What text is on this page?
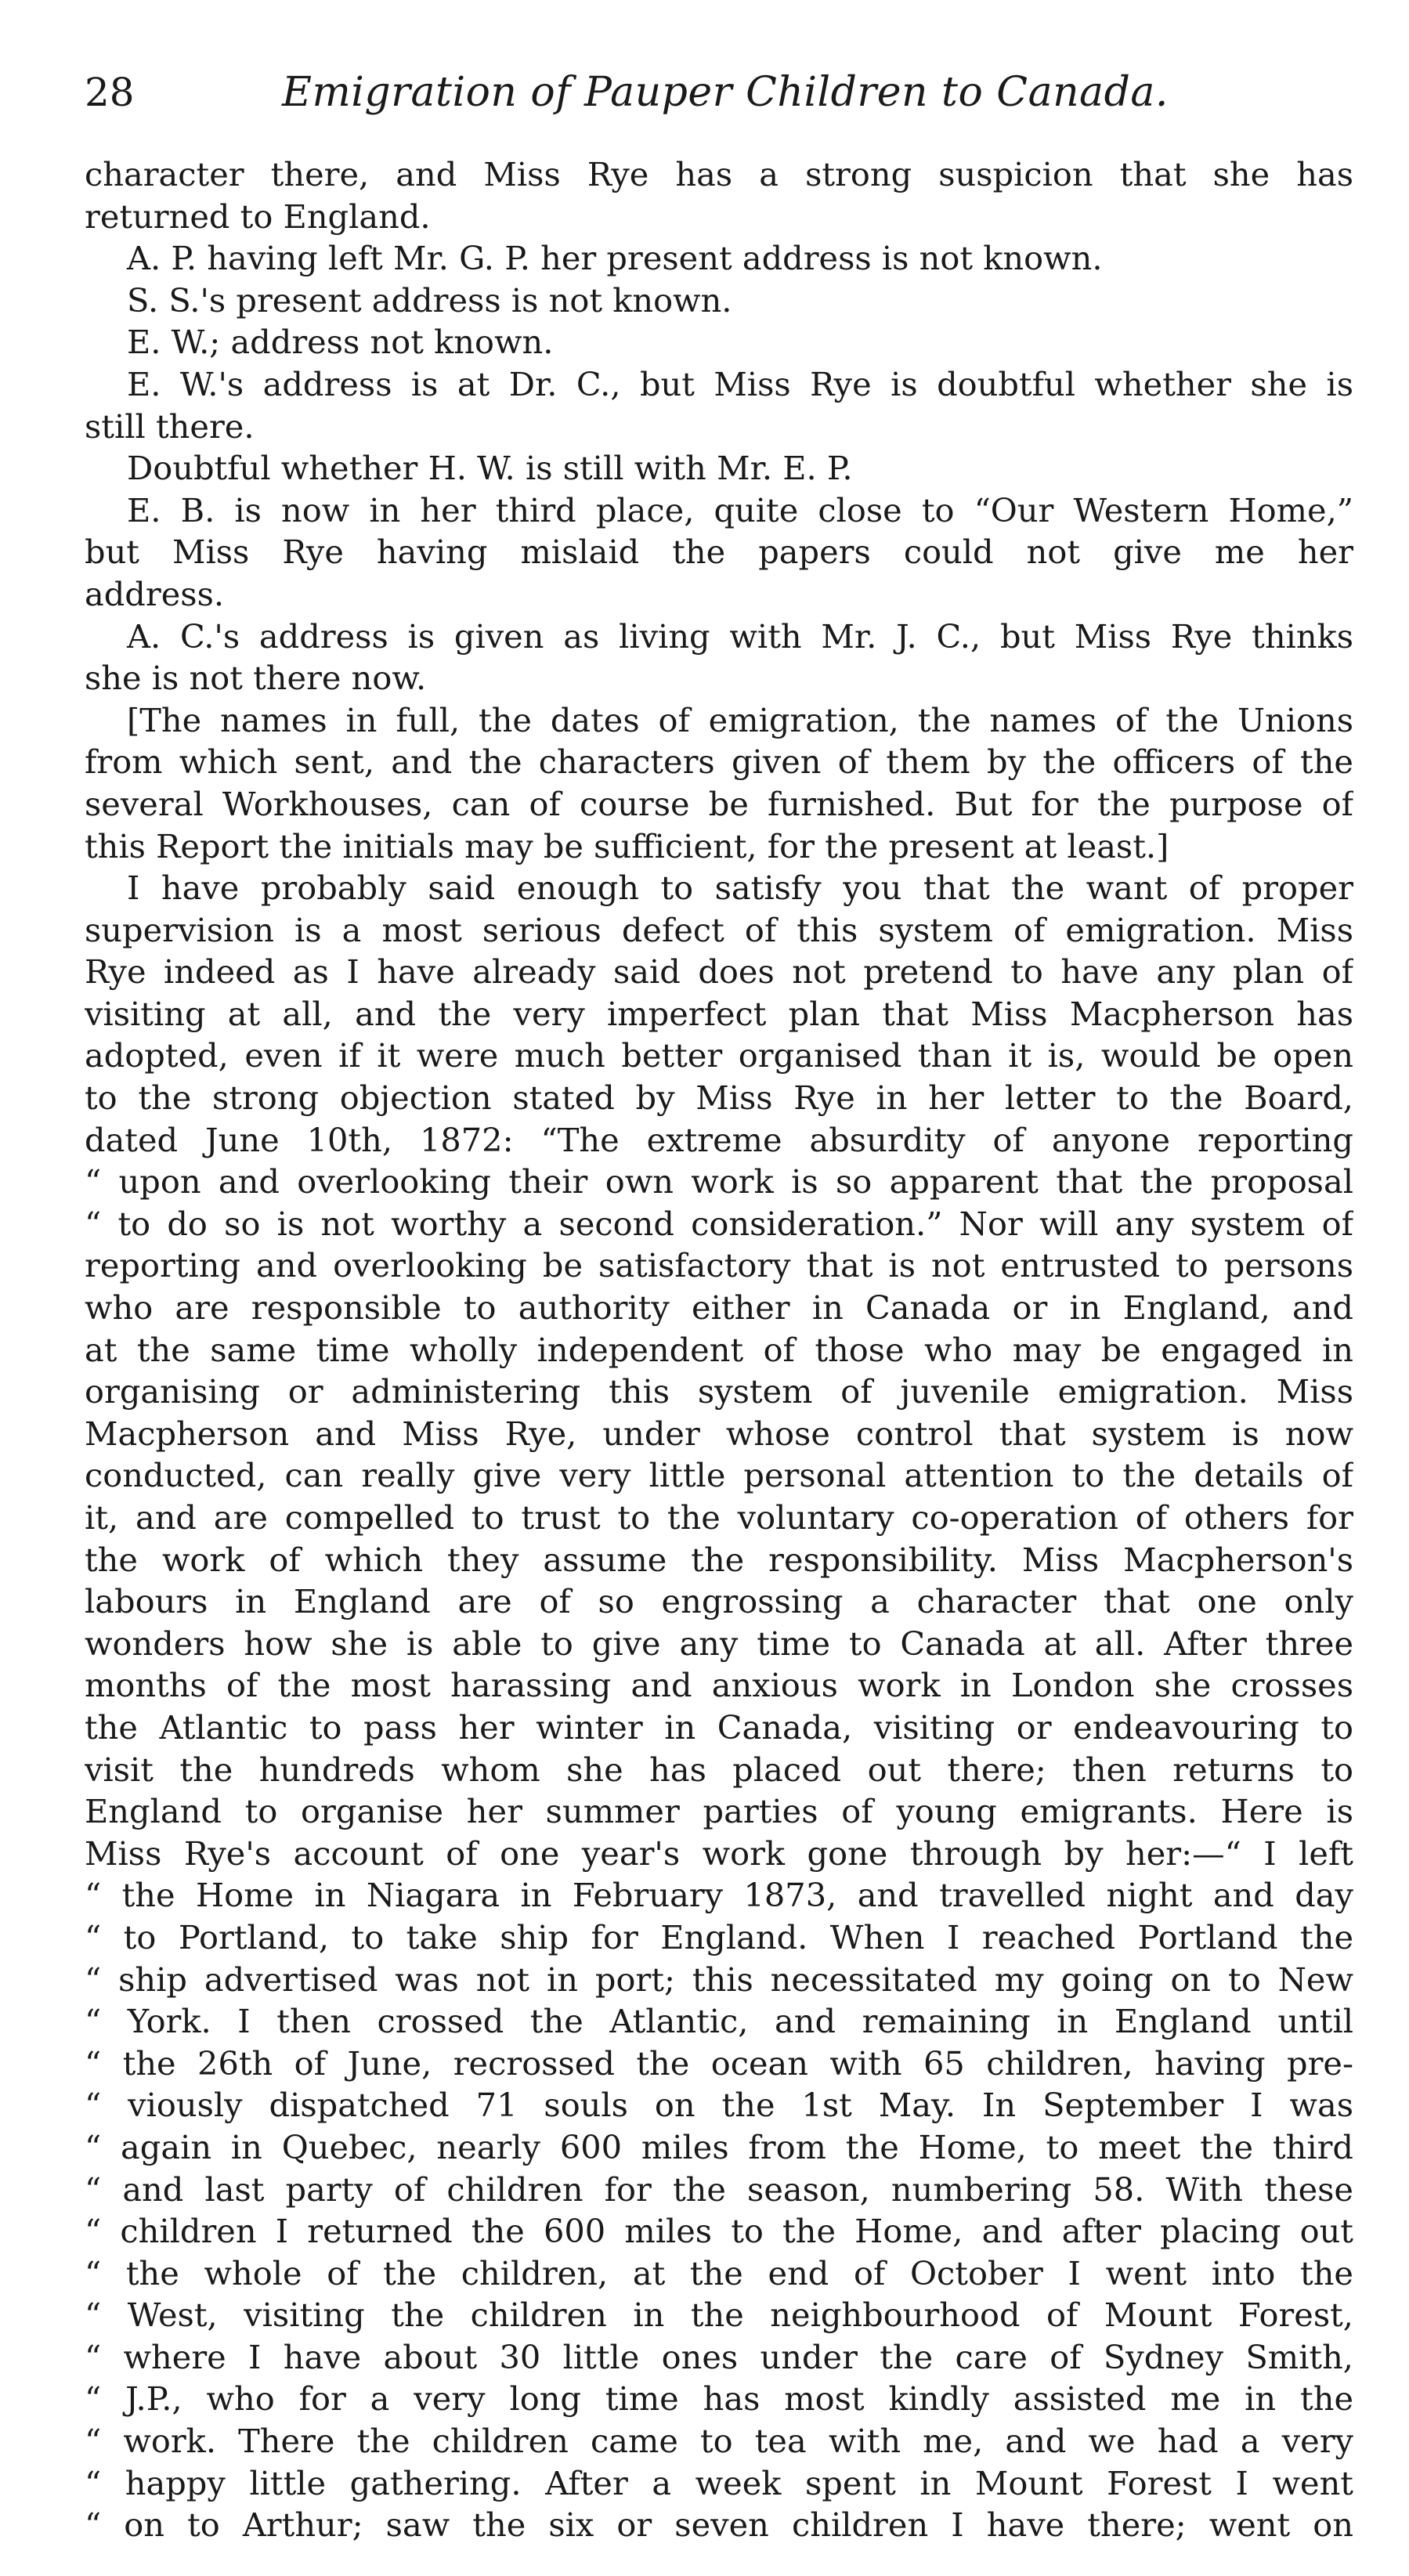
28	Emigration of Pauper Children to Canada.
character there, and Miss Rye has a strong suspicion that she has
returned to England.
A. P. having left Mr. G. P. her present address is not known.
S. S.'s present address is not known.
E. W.; address not known.
E. W.'s address is at Dr. C., but Miss Rye is doubtful whether she is
still there.
Doubtful whether H. W. is still with Mr. E. P.
E. B. is now in her third place, quite close to “Our Western Home,”
but Miss Rye having mislaid the papers could not give me her
address.
A. C.'s address is given as living with Mr. J. C., but Miss Rye thinks
she is not there now.
[The names in full, the dates of emigration, the names of the Unions
from which sent, and the characters given of them by the officers of the
several Workhouses, can of course be furnished. But for the purpose of
this Report the initials may be sufficient, for the present at least.]
I have probably said enough to satisfy you that the want of proper
supervision is a most serious defect of this system of emigration. Miss
Rye indeed as I have already said does not pretend to have any plan of
visiting at all, and the very imperfect plan that Miss Macpherson has
adopted, even if it were much better organised than it is, would be open
to the strong objection stated by Miss Rye in her letter to the Board,
dated June 10th, 1872: “The extreme absurdity of anyone reporting
“ upon and overlooking their own work is so apparent that the proposal
“ to do so is not worthy a second consideration.” Nor will any system of
reporting and overlooking be satisfactory that is not entrusted to persons
who are responsible to authority either in Canada or in England, and
at the same time wholly independent of those who may be engaged in
organising or administering this system of juvenile emigration. Miss
Macpherson and Miss Rye, under whose control that system is now
conducted, can really give very little personal attention to the details of
it, and are compelled to trust to the voluntary co-operation of others for
the work of which they assume the responsibility. Miss Macpherson's
labours in England are of so engrossing a character that one only
wonders how she is able to give any time to Canada at all. After three
months of the most harassing and anxious work in London she crosses
the Atlantic to pass her winter in Canada, visiting or endeavouring to
visit the hundreds whom she has placed out there; then returns to
England to organise her summer parties of young emigrants. Here is
Miss Rye's account of one year's work gone through by her:—“ I left
“ the Home in Niagara in February 1873, and travelled night and day
“ to Portland, to take ship for England. When I reached Portland the
“ ship advertised was not in port; this necessitated my going on to New
“ York. I then crossed the Atlantic, and remaining in England until
“ the 26th of June, recrossed the ocean with 65 children, having pre-
“ viously dispatched 71 souls on the 1st May. In September I was
“ again in Quebec, nearly 600 miles from the Home, to meet the third
“ and last party of children for the season, numbering 58. With these
“ children I returned the 600 miles to the Home, and after placing out
“ the whole of the children, at the end of October I went into the
“ West, visiting the children in the neighbourhood of Mount Forest,
“ where I have about 30 little ones under the care of Sydney Smith,
“ J.P., who for a very long time has most kindly assisted me in the
“ work. There the children came to tea with me, and we had a very
“ happy little gathering. After a week spent in Mount Forest I went
“ on to Arthur; saw the six or seven children I have there; went on
